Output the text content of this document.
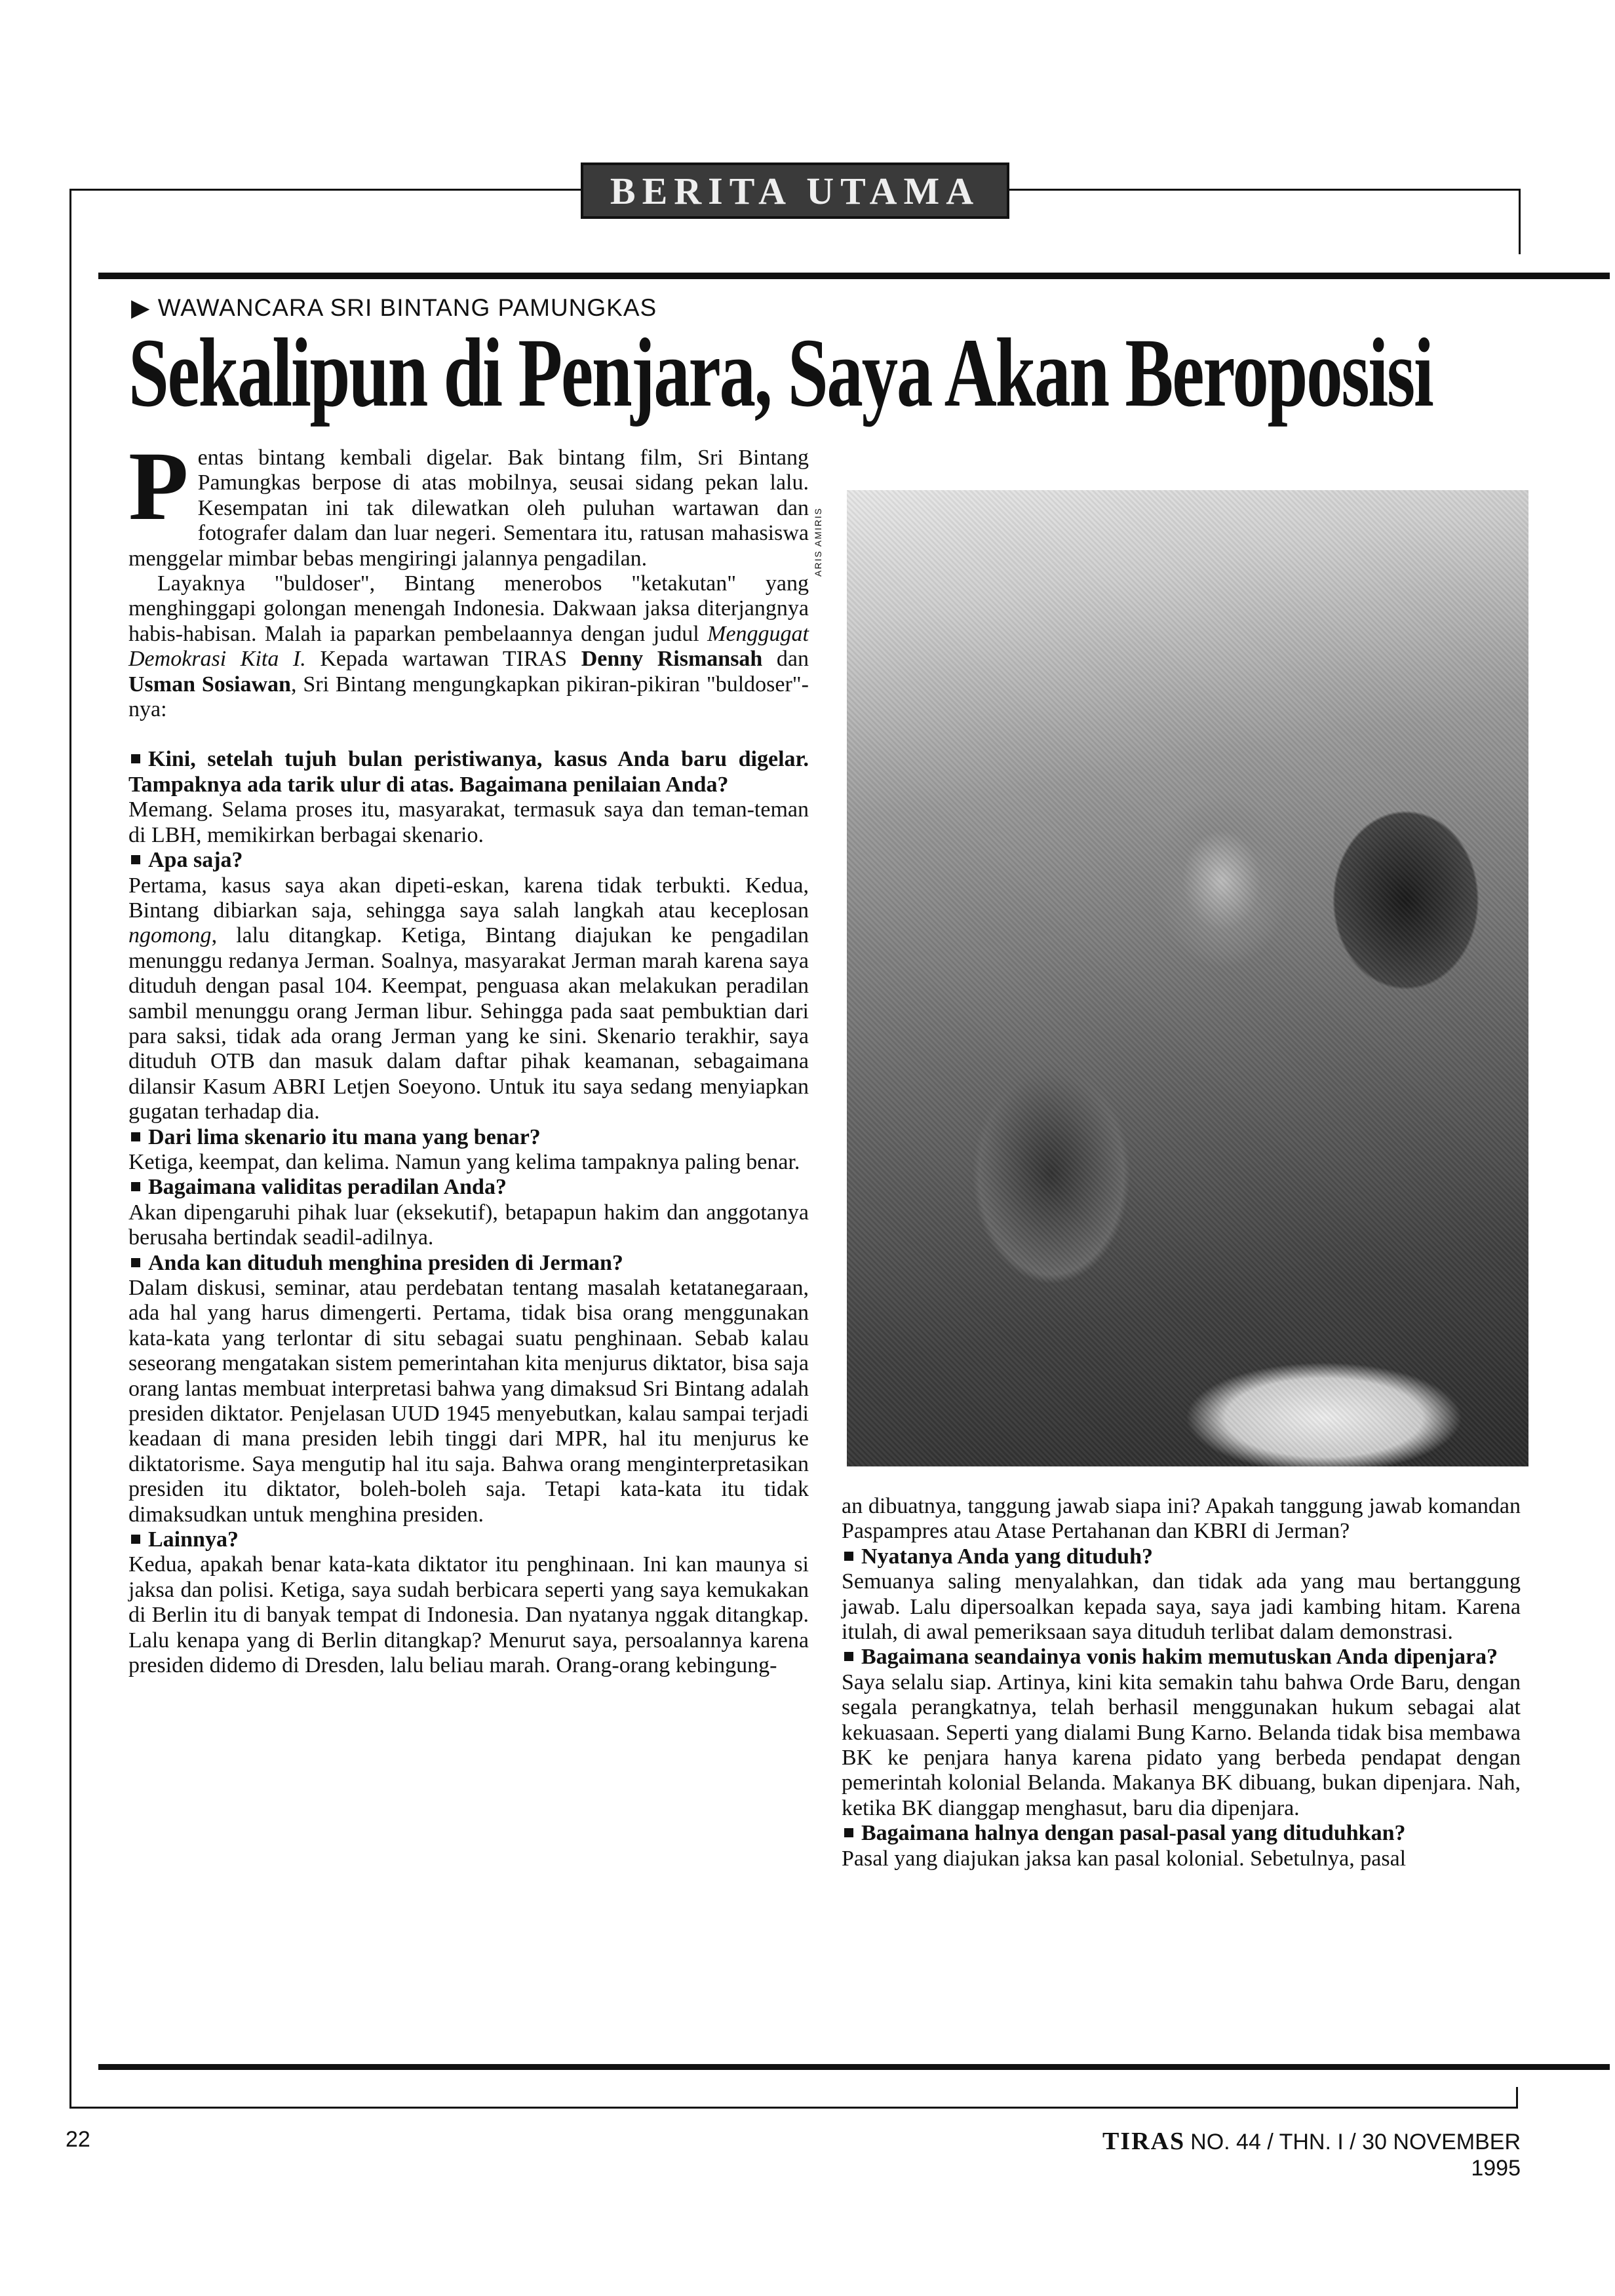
BERITA UTAMA
▶ WAWANCARA SRI BINTANG PAMUNGKAS
Sekalipun di Penjara, Saya Akan Beroposisi

Pentas bintang kembali digelar. Bak bintang film, Sri Bintang Pamungkas berpose di atas mobilnya, seusai sidang pekan lalu. Kesempatan ini tak dilewatkan oleh puluhan wartawan dan fotografer dalam dan luar negeri. Sementara itu, ratusan mahasiswa menggelar mimbar bebas mengiringi jalannya pengadilan.

Layaknya "buldoser", Bintang menerobos "ketakutan" yang menghinggapi golongan menengah Indonesia. Dakwaan jaksa diterjangnya habis-habisan. Malah ia paparkan pembelaannya dengan judul Menggugat Demokrasi Kita I. Kepada wartawan TIRAS Denny Rismansah dan Usman Sosiawan, Sri Bintang mengungkapkan pikiran-pikiran "buldoser"-nya:

Kini, setelah tujuh bulan peristiwanya, kasus Anda baru digelar. Tampaknya ada tarik ulur di atas. Bagaimana penilaian Anda?

Memang. Selama proses itu, masyarakat, termasuk saya dan teman-teman di LBH, memikirkan berbagai skenario.

Apa saja?

Pertama, kasus saya akan dipeti-eskan, karena tidak terbukti. Kedua, Bintang dibiarkan saja, sehingga saya salah langkah atau keceplosan ngomong, lalu ditangkap. Ketiga, Bintang diajukan ke pengadilan menunggu redanya Jerman. Soalnya, masyarakat Jerman marah karena saya dituduh dengan pasal 104. Keempat, penguasa akan melakukan peradilan sambil menunggu orang Jerman libur. Sehingga pada saat pembuktian dari para saksi, tidak ada orang Jerman yang ke sini. Skenario terakhir, saya dituduh OTB dan masuk dalam daftar pihak keamanan, sebagaimana dilansir Kasum ABRI Letjen Soeyono. Untuk itu saya sedang menyiapkan gugatan terhadap dia.

Dari lima skenario itu mana yang benar?

Ketiga, keempat, dan kelima. Namun yang kelima tampaknya paling benar.

Bagaimana validitas peradilan Anda?

Akan dipengaruhi pihak luar (eksekutif), betapapun hakim dan anggotanya berusaha bertindak seadil-adilnya.

Anda kan dituduh menghina presiden di Jerman?

Dalam diskusi, seminar, atau perdebatan tentang masalah ketatanegaraan, ada hal yang harus dimengerti. Pertama, tidak bisa orang menggunakan kata-kata yang terlontar di situ sebagai suatu penghinaan. Sebab kalau seseorang mengatakan sistem pemerintahan kita menjurus diktator, bisa saja orang lantas membuat interpretasi bahwa yang dimaksud Sri Bintang adalah presiden diktator. Penjelasan UUD 1945 menyebutkan, kalau sampai terjadi keadaan di mana presiden lebih tinggi dari MPR, hal itu menjurus ke diktatorisme. Saya mengutip hal itu saja. Bahwa orang menginterpretasikan presiden itu diktator, boleh-boleh saja. Tetapi kata-kata itu tidak dimaksudkan untuk menghina presiden.

Lainnya?

Kedua, apakah benar kata-kata diktator itu penghinaan. Ini kan maunya si jaksa dan polisi. Ketiga, saya sudah berbicara seperti yang saya kemukakan di Berlin itu di banyak tempat di Indonesia. Dan nyatanya nggak ditangkap. Lalu kenapa yang di Berlin ditangkap? Menurut saya, persoalannya karena presiden didemo di Dresden, lalu beliau marah. Orang-orang kebingung-

ARIS AMIRIS

an dibuatnya, tanggung jawab siapa ini? Apakah tanggung jawab komandan Paspampres atau Atase Pertahanan dan KBRI di Jerman?

Nyatanya Anda yang dituduh?

Semuanya saling menyalahkan, dan tidak ada yang mau bertanggung jawab. Lalu dipersoalkan kepada saya, saya jadi kambing hitam. Karena itulah, di awal pemeriksaan saya dituduh terlibat dalam demonstrasi.

Bagaimana seandainya vonis hakim memutuskan Anda dipenjara?

Saya selalu siap. Artinya, kini kita semakin tahu bahwa Orde Baru, dengan segala perangkatnya, telah berhasil menggunakan hukum sebagai alat kekuasaan. Seperti yang dialami Bung Karno. Belanda tidak bisa membawa BK ke penjara hanya karena pidato yang berbeda pendapat dengan pemerintah kolonial Belanda. Makanya BK dibuang, bukan dipenjara. Nah, ketika BK dianggap menghasut, baru dia dipenjara.

Bagaimana halnya dengan pasal-pasal yang dituduhkan?

Pasal yang diajukan jaksa kan pasal kolonial. Sebetulnya, pasal

22	TIRAS NO. 44 / THN. I / 30 NOVEMBER 1995
